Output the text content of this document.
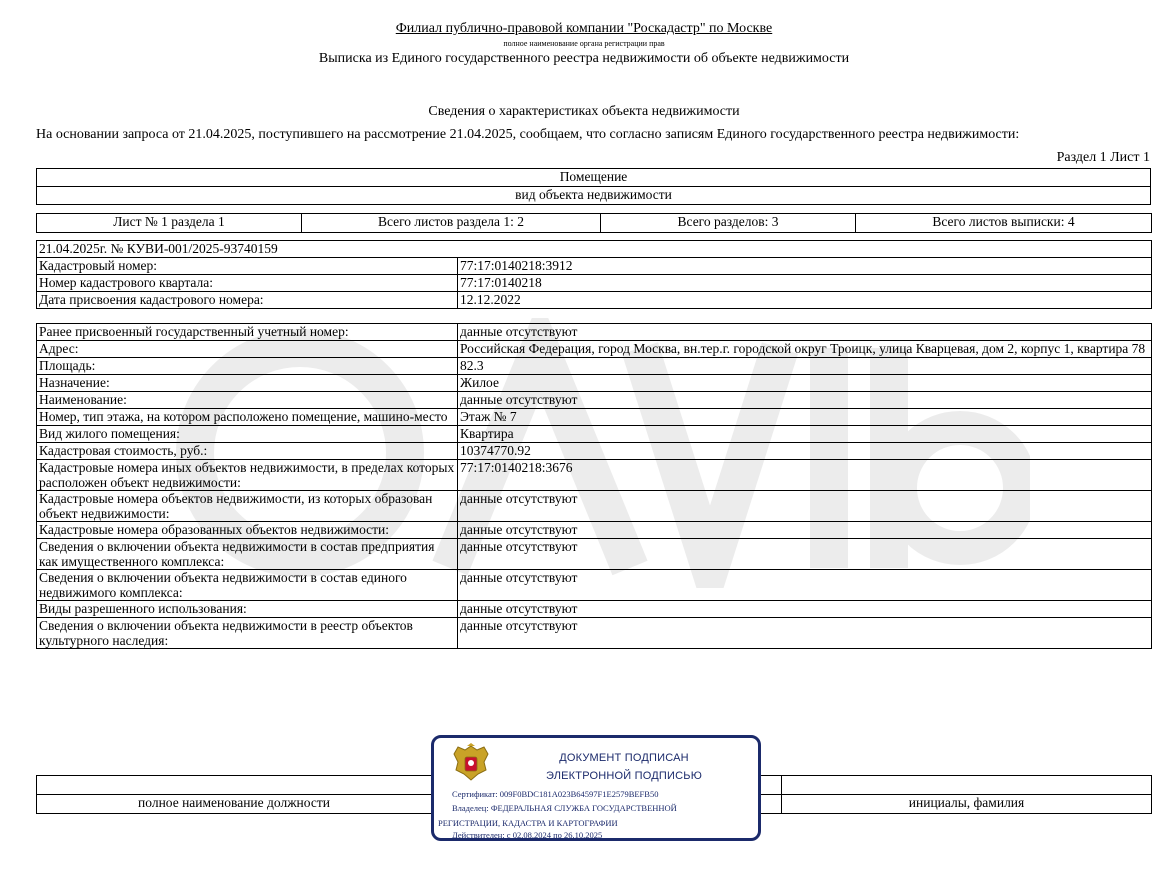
Филиал публично-правовой компании "Роскадастр" по Москве
полное наименование органа регистрации прав
Выписка из Единого государственного реестра недвижимости об объекте недвижимости
Сведения о характеристиках объекта недвижимости
На основании запроса от 21.04.2025, поступившего на рассмотрение 21.04.2025, сообщаем, что согласно записям Единого государственного реестра недвижимости:
Раздел 1 Лист 1
Помещение
вид объекта недвижимости
Лист № 1 раздела 1	Всего листов раздела 1: 2	Всего разделов: 3	Всего листов выписки: 4
21.04.2025г. № КУВИ-001/2025-93740159	
Кадастровый номер:	77:17:0140218:3912
Номер кадастрового квартала:	77:17:0140218
Дата присвоения кадастрового номера:	12.12.2022
Ранее присвоенный государственный учетный номер:	данные отсутствуют
Адрес:	Российская Федерация, город Москва, вн.тер.г. городской округ Троицк, улица Кварцевая, дом 2, корпус 1, квартира 78
Площадь:	82.3
Назначение:	Жилое
Наименование:	данные отсутствуют
Номер, тип этажа, на котором расположено помещение, машино-место	Этаж № 7
Вид жилого помещения:	Квартира
Кадастровая стоимость, руб.:	10374770.92
Кадастровые номера иных объектов недвижимости, в пределах которых расположен объект недвижимости:	77:17:0140218:3676
Кадастровые номера объектов недвижимости, из которых образован объект недвижимости:	данные отсутствуют
Кадастровые номера образованных объектов недвижимости:	данные отсутствуют
Сведения о включении объекта недвижимости в состав предприятия как имущественного комплекса:	данные отсутствуют
Сведения о включении объекта недвижимости в состав единого недвижимого комплекса:	данные отсутствуют
Виды разрешенного использования:	данные отсутствуют
Сведения о включении объекта недвижимости в реестр объектов культурного наследия:	данные отсутствуют

полное наименование должности		инициалы, фамилия
ДОКУМЕНТ ПОДПИСАН
ЭЛЕКТРОННОЙ ПОДПИСЬЮ
Сертификат: 009F0BDC181A023B64597F1E2579BEFB50
Владелец: ФЕДЕРАЛЬНАЯ СЛУЖБА ГОСУДАРСТВЕННОЙ
РЕГИСТРАЦИИ, КАДАСТРА И КАРТОГРАФИИ
Действителен: с 02.08.2024 по 26.10.2025
